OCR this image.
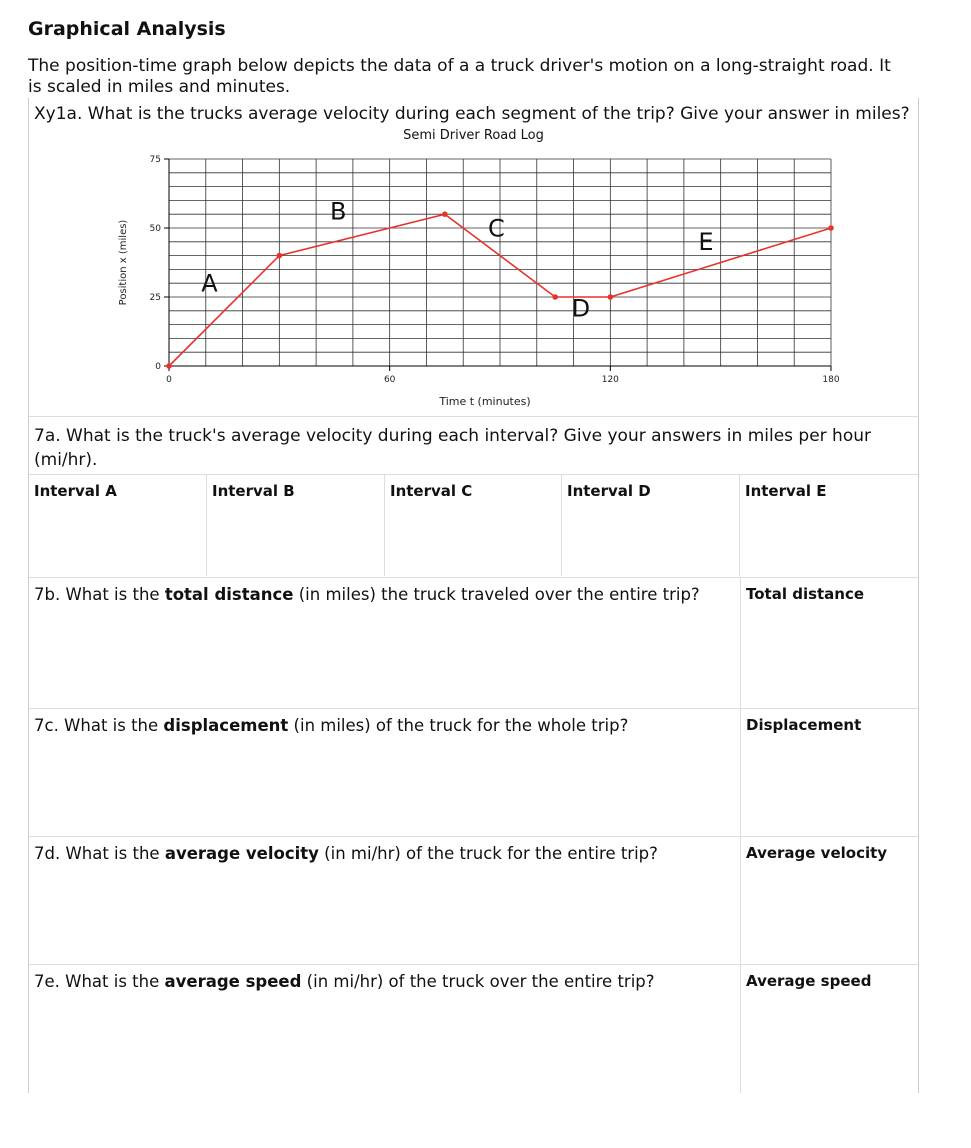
Graphical Analysis
The position-time graph below depicts the data of a a truck driver's motion on a long-straight road. It is scaled in miles and minutes.
Xy1a. What is the trucks average velocity during each segment of the trip? Give your answer in miles?
Semi Driver Road Log
0	60	120	180
0
25
50
75
Time t (minutes)
Position x (miles)	A
B
C
D
E
7a. What is the truck's average velocity during each interval? Give your answers in miles per hour (mi/hr).
Interval A	Interval B	Interval C	Interval D	Interval E
7b. What is the total distance (in miles) the truck traveled over the entire trip?	Total distance
7c. What is the displacement (in miles) of the truck for the whole trip?	Displacement
7d. What is the average velocity (in mi/hr) of the truck for the entire trip?	Average velocity
7e. What is the average speed (in mi/hr) of the truck over the entire trip?	Average speed
